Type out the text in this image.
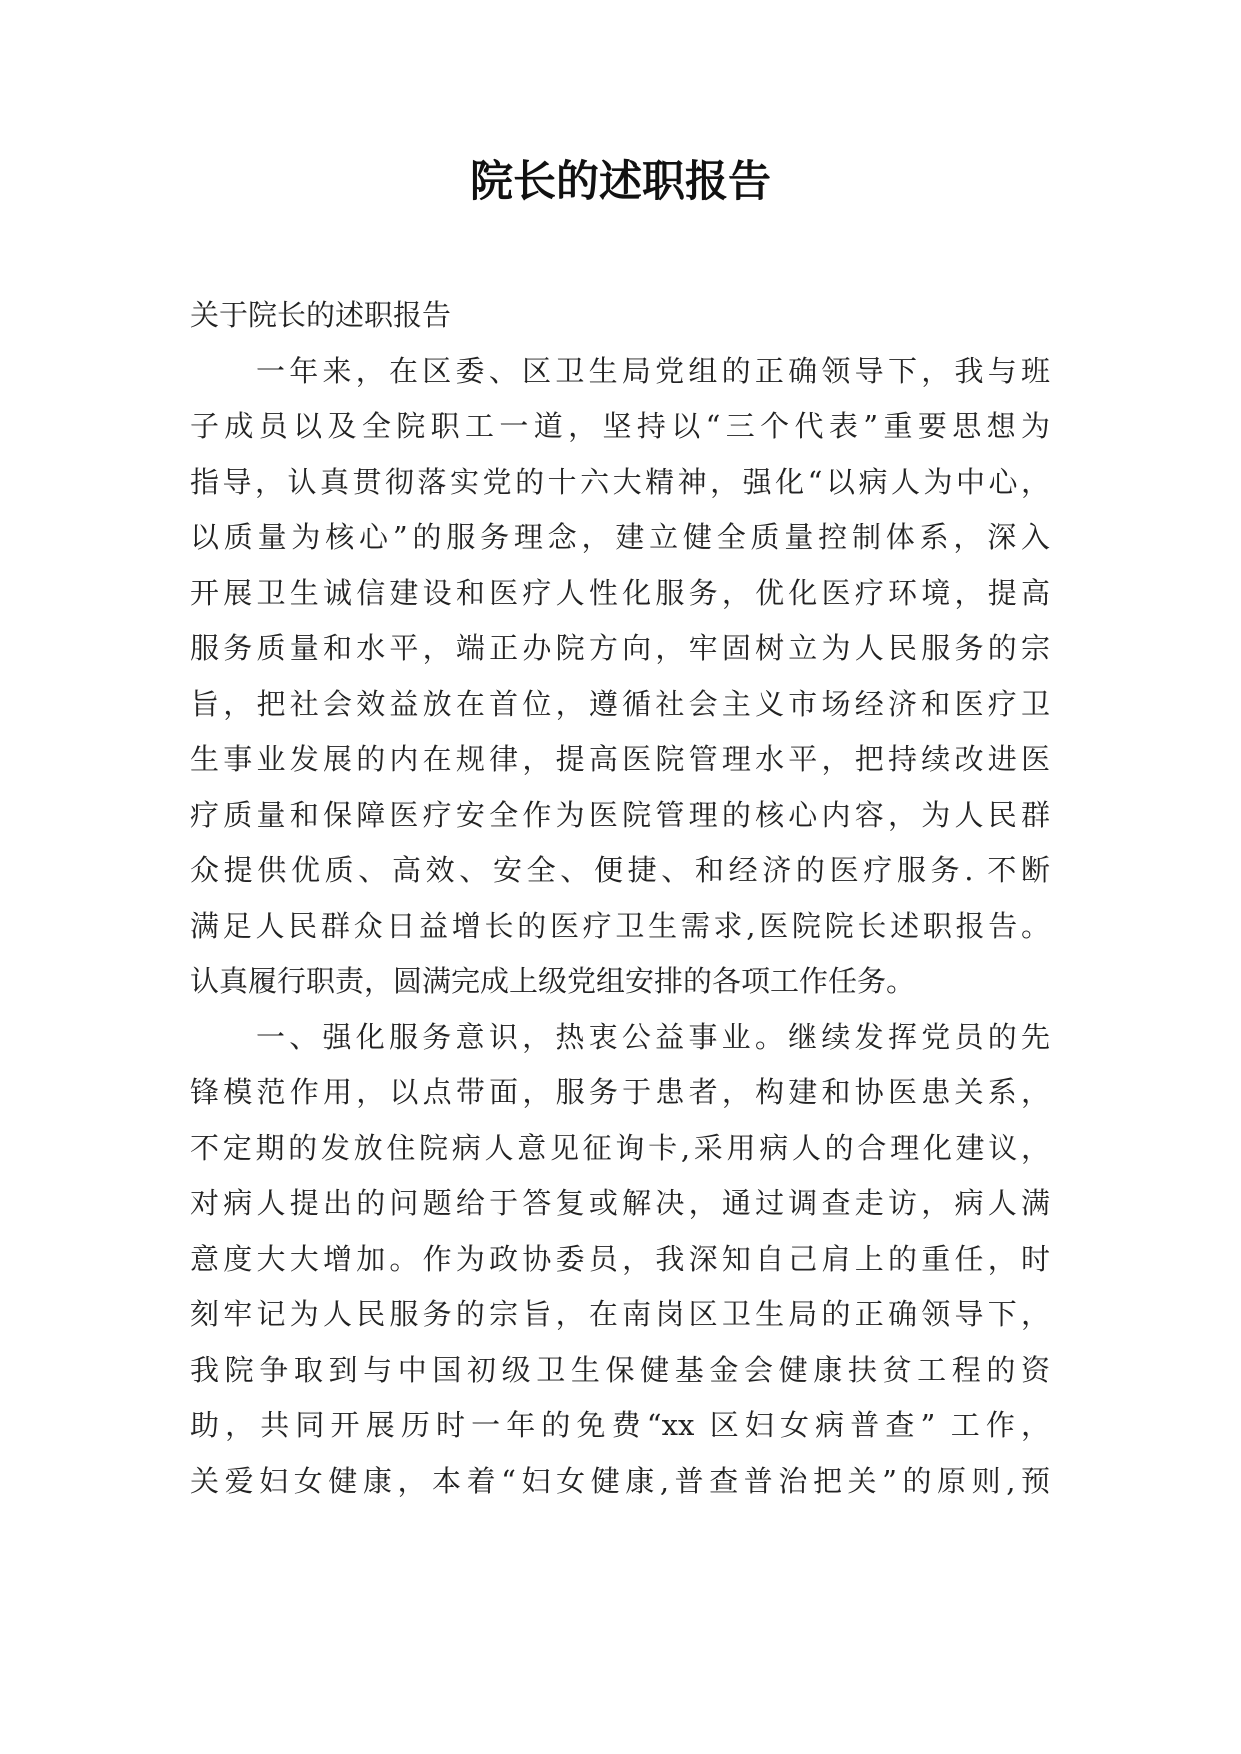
院长的述职报告
关于院长的述职报告
一年来，在区委、区卫生局党组的正确领导下，我与班
子成员以及全院职工一道，坚持以“三个代表”重要思想为
指导，认真贯彻落实党的十六大精神，强化“以病人为中心，
以质量为核心”的服务理念，建立健全质量控制体系，深入
开展卫生诚信建设和医疗人性化服务，优化医疗环境，提高
服务质量和水平，端正办院方向，牢固树立为人民服务的宗
旨，把社会效益放在首位，遵循社会主义市场经济和医疗卫
生事业发展的内在规律，提高医院管理水平，把持续改进医
疗质量和保障医疗安全作为医院管理的核心内容，为人民群
众提供优质、高效、安全、便捷、和经济的医疗服务. 不断
满足人民群众日益增长的医疗卫生需求,医院院长述职报告。
认真履行职责，圆满完成上级党组安排的各项工作任务。
一、强化服务意识，热衷公益事业。继续发挥党员的先
锋模范作用，以点带面，服务于患者，构建和协医患关系，
不定期的发放住院病人意见征询卡,采用病人的合理化建议，
对病人提出的问题给于答复或解决，通过调查走访，病人满
意度大大增加。作为政协委员，我深知自己肩上的重任，时
刻牢记为人民服务的宗旨，在南岗区卫生局的正确领导下，
我院争取到与中国初级卫生保健基金会健康扶贫工程的资
助，共同开展历时一年的免费“xx 区妇女病普查” 工作，
关爱妇女健康，本着“妇女健康,普查普治把关”的原则,预
